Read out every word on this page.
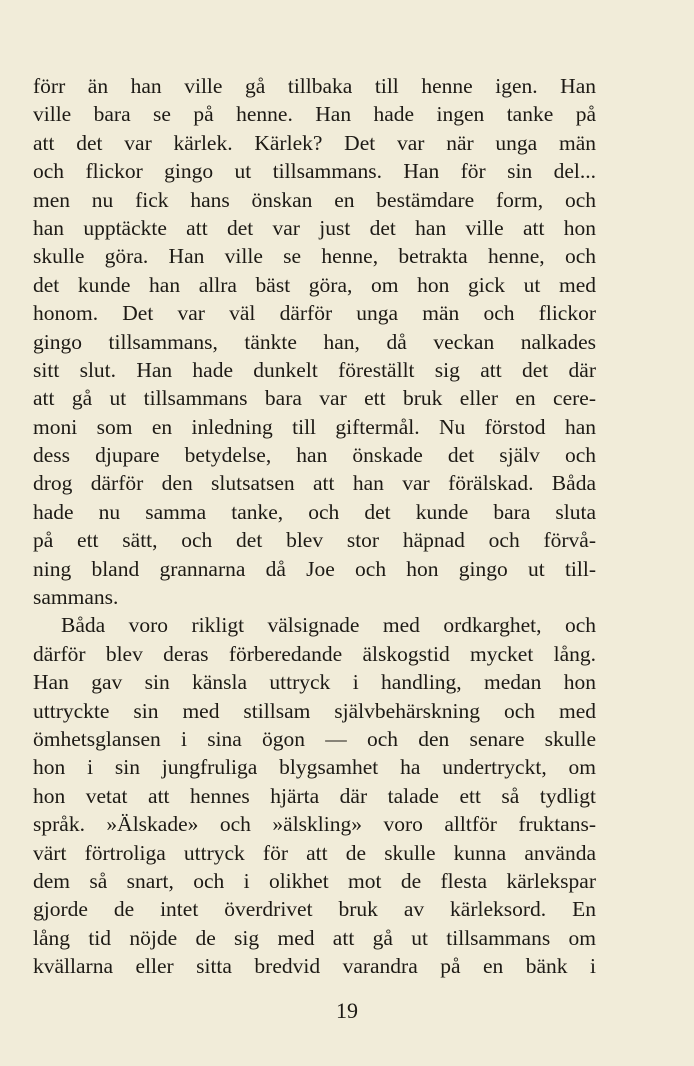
förr än han ville gå tillbaka till henne igen. Han
ville bara se på henne. Han hade ingen tanke på
att det var kärlek. Kärlek? Det var när unga män
och flickor gingo ut tillsammans. Han för sin del...
men nu fick hans önskan en bestämdare form, och
han upptäckte att det var just det han ville att hon
skulle göra. Han ville se henne, betrakta henne, och
det kunde han allra bäst göra, om hon gick ut med
honom. Det var väl därför unga män och flickor
gingo tillsammans, tänkte han, då veckan nalkades
sitt slut. Han hade dunkelt föreställt sig att det där
att gå ut tillsammans bara var ett bruk eller en cere-
moni som en inledning till giftermål. Nu förstod han
dess djupare betydelse, han önskade det själv och
drog därför den slutsatsen att han var förälskad. Båda
hade nu samma tanke, och det kunde bara sluta
på ett sätt, och det blev stor häpnad och förvå-
ning bland grannarna då Joe och hon gingo ut till-
sammans.
Båda voro rikligt välsignade med ordkarghet, och
därför blev deras förberedande älskogstid mycket lång.
Han gav sin känsla uttryck i handling, medan hon
uttryckte sin med stillsam självbehärskning och med
ömhetsglansen i sina ögon — och den senare skulle
hon i sin jungfruliga blygsamhet ha undertryckt, om
hon vetat att hennes hjärta där talade ett så tydligt
språk. »Älskade» och »älskling» voro alltför fruktans-
värt förtroliga uttryck för att de skulle kunna använda
dem så snart, och i olikhet mot de flesta kärlekspar
gjorde de intet överdrivet bruk av kärleksord. En
lång tid nöjde de sig med att gå ut tillsammans om
kvällarna eller sitta bredvid varandra på en bänk i
19
